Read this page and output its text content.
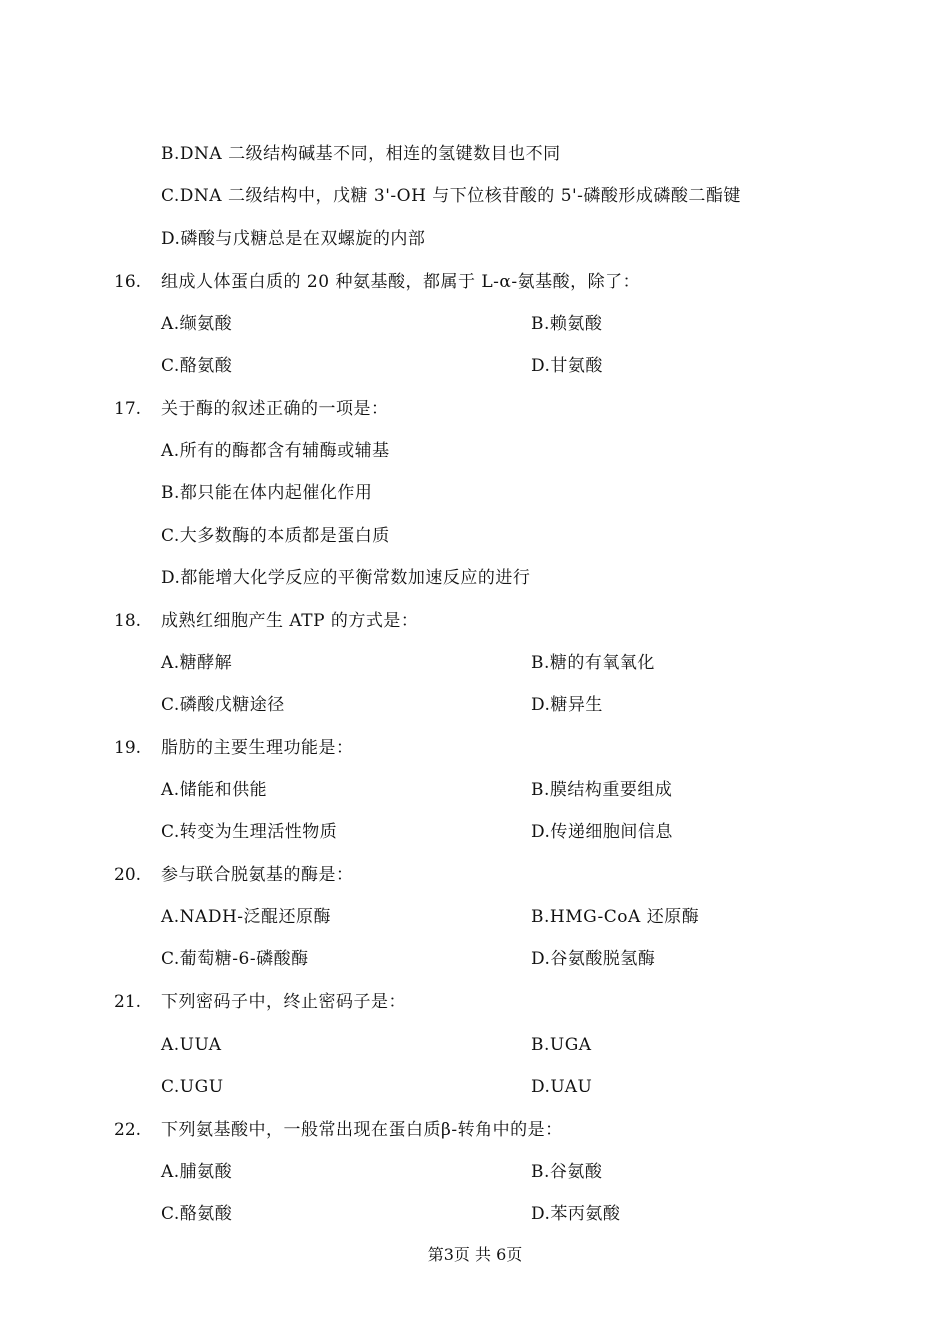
B.DNA 二级结构碱基不同，相连的氢键数目也不同
C.DNA 二级结构中，戊糖 3'-OH 与下位核苷酸的 5'-磷酸形成磷酸二酯键
D.磷酸与戊糖总是在双螺旋的内部
16. 组成人体蛋白质的 20 种氨基酸，都属于 L-α-氨基酸，除了：
A.缬氨酸	B.赖氨酸
C.酪氨酸	D.甘氨酸
17. 关于酶的叙述正确的一项是：
A.所有的酶都含有辅酶或辅基
B.都只能在体内起催化作用
C.大多数酶的本质都是蛋白质
D.都能增大化学反应的平衡常数加速反应的进行
18. 成熟红细胞产生 ATP 的方式是：
A.糖酵解	B.糖的有氧氧化
C.磷酸戊糖途径	D.糖异生
19. 脂肪的主要生理功能是：
A.储能和供能	B.膜结构重要组成
C.转变为生理活性物质	D.传递细胞间信息
20. 参与联合脱氨基的酶是：
A.NADH-泛醌还原酶	B.HMG-CoA 还原酶
C.葡萄糖-6-磷酸酶	D.谷氨酸脱氢酶
21. 下列密码子中，终止密码子是：
A.UUA	B.UGA
C.UGU	D.UAU
22. 下列氨基酸中，一般常出现在蛋白质β-转角中的是：
A.脯氨酸	B.谷氨酸
C.酪氨酸	D.苯丙氨酸
第3页 共 6页
